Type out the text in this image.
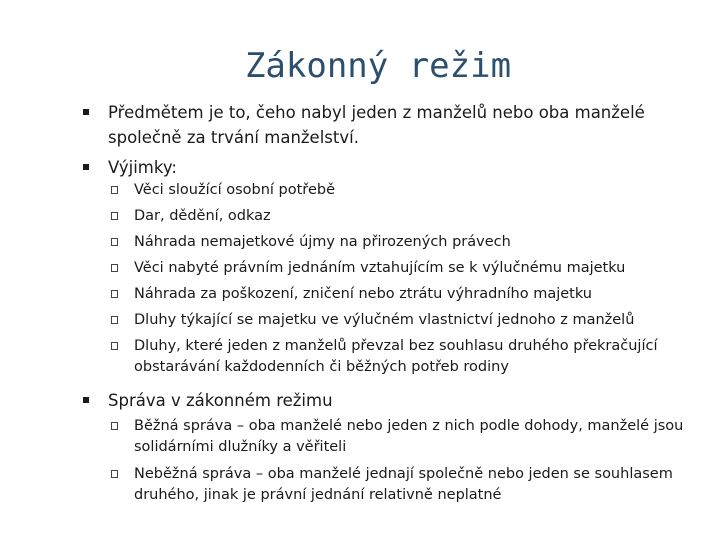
Zákonný režim
Předmětem je to, čeho nabyl jeden z manželů nebo oba manželé společně za trvání manželství.
Výjimky:
Věci sloužící osobní potřebě
Dar, dědění, odkaz
Náhrada nemajetkové újmy na přirozených právech
Věci nabyté právním jednáním vztahujícím se k výlučnému majetku
Náhrada za poškození, zničení nebo ztrátu výhradního majetku
Dluhy týkající se majetku ve výlučném vlastnictví jednoho z manželů
Dluhy, které jeden z manželů převzal bez souhlasu druhého překračující obstarávání každodenních či běžných potřeb rodiny
Správa v zákonném režimu
Běžná správa – oba manželé nebo jeden z nich podle dohody, manželé jsou solidárními dlužníky a věřiteli
Neběžná správa – oba manželé jednají společně nebo jeden se souhlasem druhého, jinak je právní jednání relativně neplatné
